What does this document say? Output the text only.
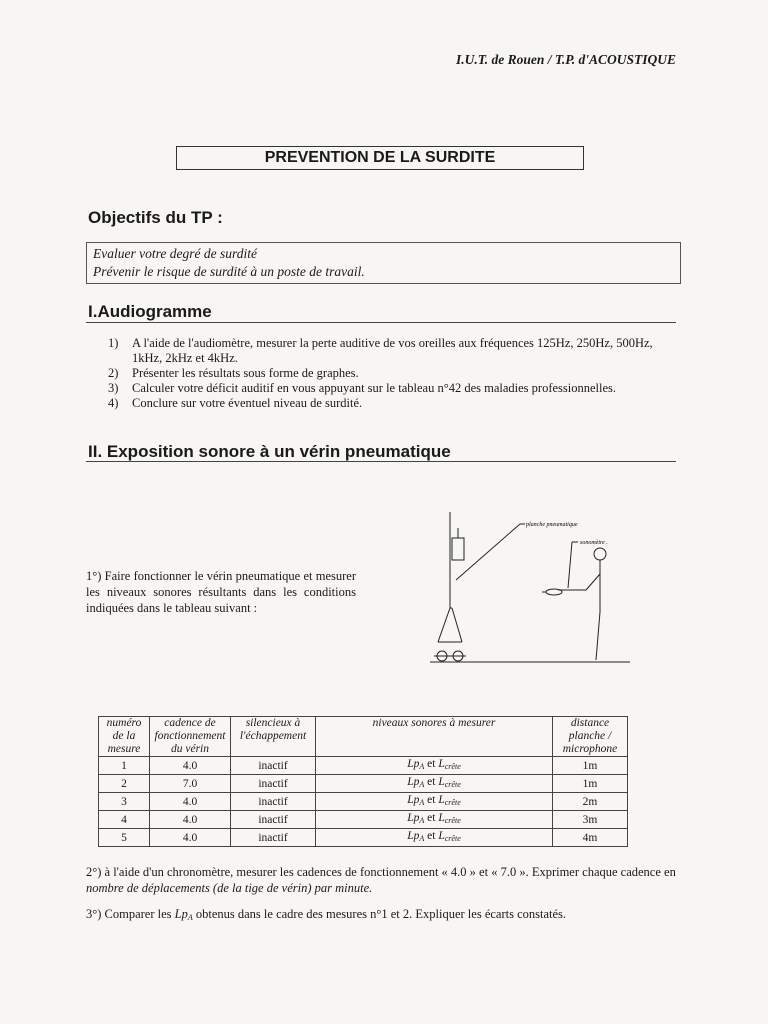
I.U.T. de Rouen / T.P. d'ACOUSTIQUE
PREVENTION DE LA SURDITE
Objectifs du TP :
Evaluer votre degré de surdité
Prévenir le risque de surdité à un poste de travail.
I.Audiogramme
1) A l'aide de l'audiomètre, mesurer la perte auditive de vos oreilles aux fréquences 125Hz, 250Hz, 500Hz, 1kHz, 2kHz et 4kHz.
2) Présenter les résultats sous forme de graphes.
3) Calculer votre déficit auditif en vous appuyant sur le tableau n°42 des maladies professionnelles.
4) Conclure sur votre éventuel niveau de surdité.
II. Exposition sonore à un vérin pneumatique
1°) Faire fonctionner le vérin pneumatique et mesurer les niveaux sonores résultants dans les conditions indiquées dans le tableau suivant :
planche pneumatique
sonomètre .
numéro de la mesure	cadence de fonctionnement du vérin	silencieux à l'échappement	niveaux sonores à mesurer	distance planche / microphone
1	4.0	inactif	$Lp_A$ et $L_{crête}$	1m
2	7.0	inactif	$Lp_A$ et $L_{crête}$	1m
3	4.0	inactif	$Lp_A$ et $L_{crête}$	2m
4	4.0	inactif	$Lp_A$ et $L_{crête}$	3m
5	4.0	inactif	$Lp_A$ et $L_{crête}$	4m
2°) à l'aide d'un chronomètre, mesurer les cadences de fonctionnement « 4.0 » et « 7.0 ». Exprimer chaque cadence en nombre de déplacements (de la tige de vérin) par minute.
3°) Comparer les $Lp_A$ obtenus dans le cadre des mesures n°1 et 2. Expliquer les écarts constatés.
